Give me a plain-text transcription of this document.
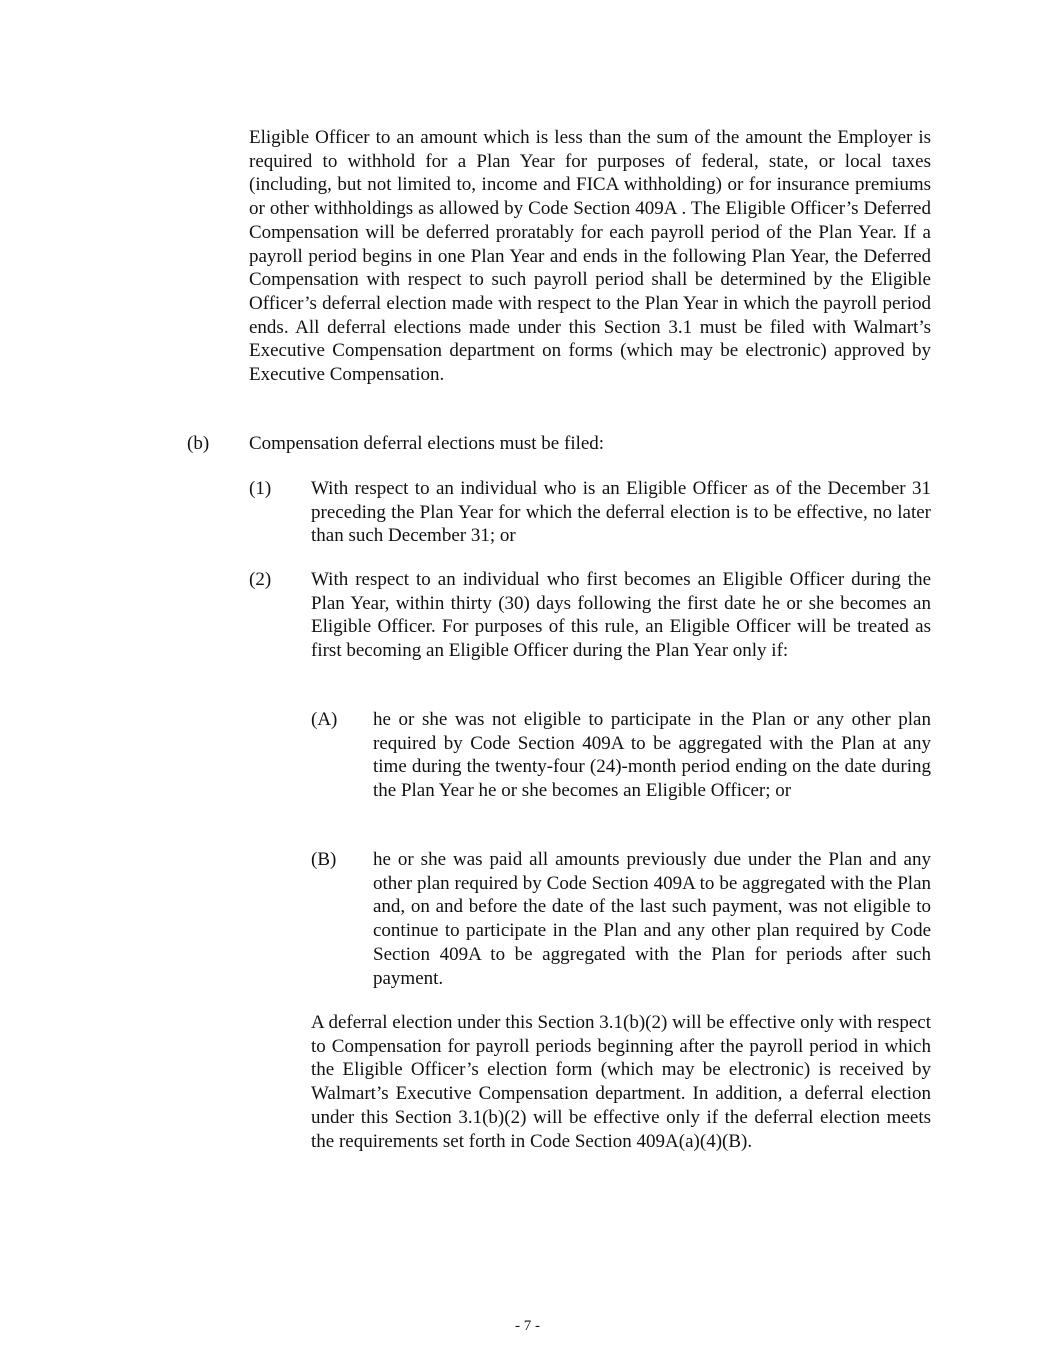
Eligible Officer to an amount which is less than the sum of the amount the Employer is required to withhold for a Plan Year for purposes of federal, state, or local taxes (including, but not limited to, income and FICA withholding) or for insurance premiums or other withholdings as allowed by Code Section 409A . The Eligible Officer’s Deferred Compensation will be deferred proratably for each payroll period of the Plan Year. If a payroll period begins in one Plan Year and ends in the following Plan Year, the Deferred Compensation with respect to such payroll period shall be determined by the Eligible Officer’s deferral election made with respect to the Plan Year in which the payroll period ends. All deferral elections made under this Section 3.1 must be filed with Walmart’s Executive Compensation department on forms (which may be electronic) approved by Executive Compensation.

(b) Compensation deferral elections must be filed:

(1) With respect to an individual who is an Eligible Officer as of the December 31 preceding the Plan Year for which the deferral election is to be effective, no later than such December 31; or

(2) With respect to an individual who first becomes an Eligible Officer during the Plan Year, within thirty (30) days following the first date he or she becomes an Eligible Officer. For purposes of this rule, an Eligible Officer will be treated as first becoming an Eligible Officer during the Plan Year only if:

(A) he or she was not eligible to participate in the Plan or any other plan required by Code Section 409A to be aggregated with the Plan at any time during the twenty-four (24)-month period ending on the date during the Plan Year he or she becomes an Eligible Officer; or

(B) he or she was paid all amounts previously due under the Plan and any other plan required by Code Section 409A to be aggregated with the Plan and, on and before the date of the last such payment, was not eligible to continue to participate in the Plan and any other plan required by Code Section 409A to be aggregated with the Plan for periods after such payment.

A deferral election under this Section 3.1(b)(2) will be effective only with respect to Compensation for payroll periods beginning after the payroll period in which the Eligible Officer’s election form (which may be electronic) is received by Walmart’s Executive Compensation department. In addition, a deferral election under this Section 3.1(b)(2) will be effective only if the deferral election meets the requirements set forth in Code Section 409A(a)(4)(B).

- 7 -
